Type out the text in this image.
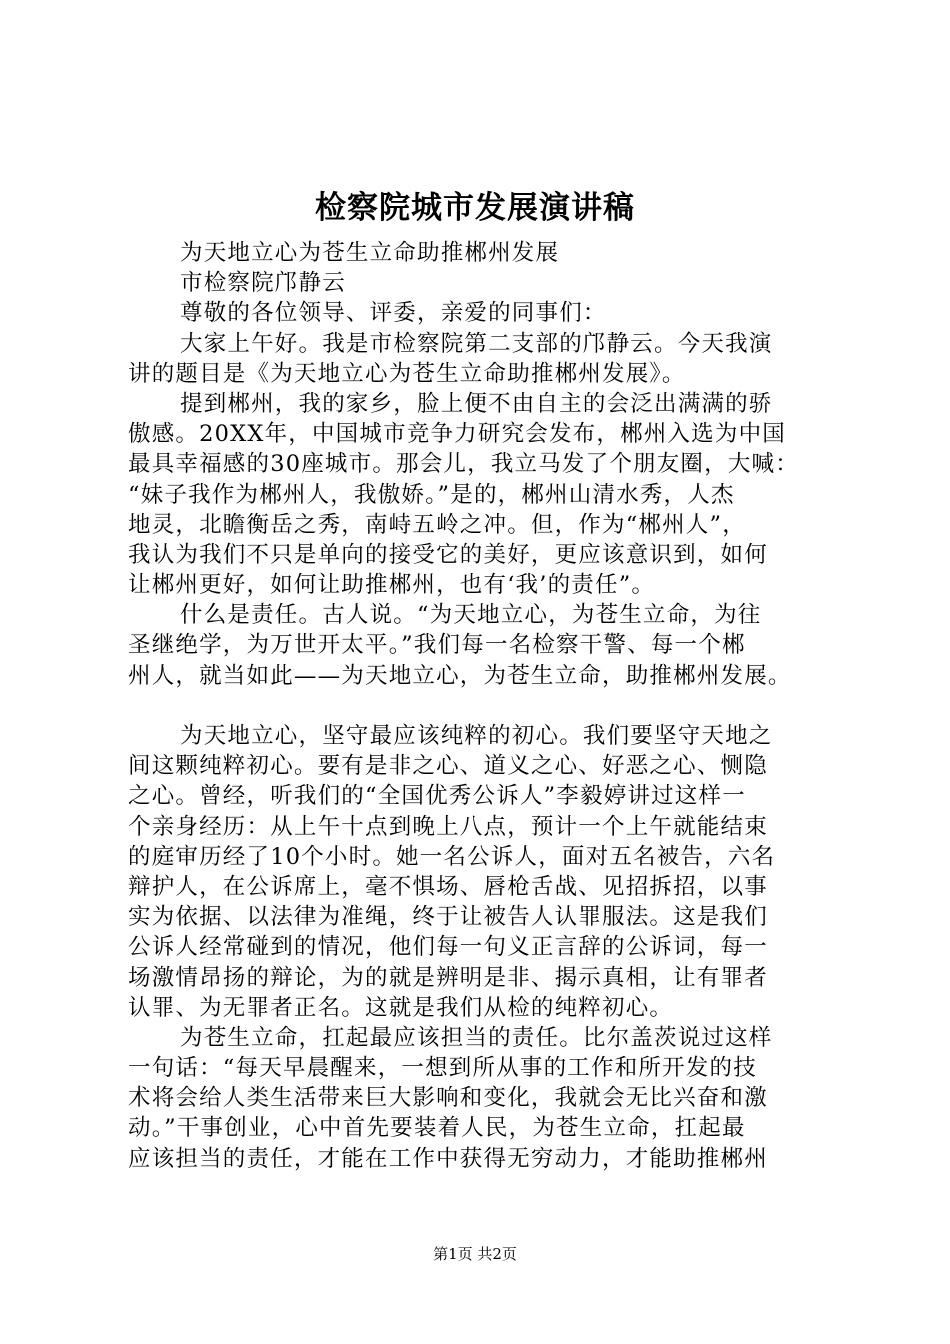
检察院城市发展演讲稿
为天地立心为苍生立命助推郴州发展
市检察院邝静云
尊敬的各位领导、评委，亲爱的同事们：
大家上午好。我是市检察院第二支部的邝静云。今天我演
讲的题目是《为天地立心为苍生立命助推郴州发展》。
提到郴州，我的家乡，脸上便不由自主的会泛出满满的骄
傲感。20XX年，中国城市竞争力研究会发布，郴州入选为中国
最具幸福感的30座城市。那会儿，我立马发了个朋友圈，大喊：
“妹子我作为郴州人，我傲娇。”是的，郴州山清水秀，人杰
地灵，北瞻衡岳之秀，南峙五岭之冲。但，作为“郴州人”，
我认为我们不只是单向的接受它的美好，更应该意识到，如何
让郴州更好，如何让助推郴州，也有‘我’的责任”。
什么是责任。古人说。“为天地立心，为苍生立命，为往
圣继绝学，为万世开太平。”我们每一名检察干警、每一个郴
州人，就当如此——为天地立心，为苍生立命，助推郴州发展。
为天地立心，坚守最应该纯粹的初心。我们要坚守天地之
间这颗纯粹初心。要有是非之心、道义之心、好恶之心、恻隐
之心。曾经，听我们的“全国优秀公诉人”李毅婷讲过这样一
个亲身经历：从上午十点到晚上八点，预计一个上午就能结束
的庭审历经了10个小时。她一名公诉人，面对五名被告，六名
辩护人，在公诉席上，毫不惧场、唇枪舌战、见招拆招，以事
实为依据、以法律为准绳，终于让被告人认罪服法。这是我们
公诉人经常碰到的情况，他们每一句义正言辞的公诉词，每一
场激情昂扬的辩论，为的就是辨明是非、揭示真相，让有罪者
认罪、为无罪者正名。这就是我们从检的纯粹初心。
为苍生立命，扛起最应该担当的责任。比尔盖茨说过这样
一句话：“每天早晨醒来，一想到所从事的工作和所开发的技
术将会给人类生活带来巨大影响和变化，我就会无比兴奋和激
动。”干事创业，心中首先要装着人民，为苍生立命，扛起最
应该担当的责任，才能在工作中获得无穷动力，才能助推郴州
第1页 共2页
